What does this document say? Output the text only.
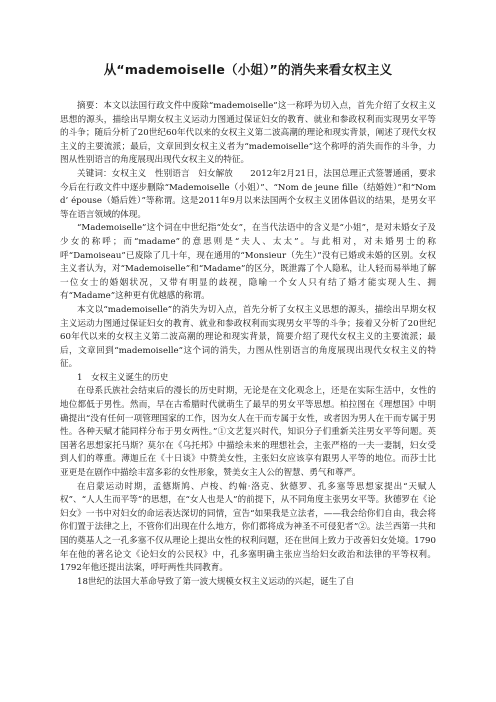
从“mademoiselle（小姐）”的消失来看女权主义

摘要：本文以法国行政文件中废除“mademoiselle”这一称呼为切入点，首先介绍了女权主义思想的源头，描绘出早期女权主义运动力图通过保证妇女的教育、就业和参政权利而实现男女平等的斗争；随后分析了20世纪60年代以来的女权主义第二波高潮的理论和现实背景，阐述了现代女权主义的主要流派；最后，文章回到女权主义者为“mademoiselle”这个称呼的消失而作的斗争，力图从性别语言的角度展现出现代女权主义的特征。

关键词：女权主义　性别语言　妇女解放　　2012年2月21日，法国总理正式签署通函，要求今后在行政文件中逐步删除“Mademoiselle（小姐）”、“Nom de jeune fille（结婚姓）”和“Nom d’ épouse（婚后姓）”等称谓。这是2011年9月以来法国两个女权主义团体倡议的结果，是男女平等在语言领域的体现。

“Mademoiselle”这个词在中世纪指“处女”，在当代法语中的含义是“小姐”，是对未婚女子及少女的称呼；而“madame”的意思则是“夫人、太太”。与此相对，对未婚男士的称呼“Damoiseau”已废除了几十年，现在通用的“Monsieur（先生）”没有已婚或未婚的区别。女权主义者认为，对“Mademoiselle”和“Madame”的区分，既泄露了个人隐私，让人轻而易举地了解一位女士的婚姻状况，又带有明显的歧视，隐喻一个女人只有结了婚才能实现人生、拥有“Madame”这种更有优越感的称谓。

本文以“mademoiselle”的消失为切入点，首先分析了女权主义思想的源头，描绘出早期女权主义运动力图通过保证妇女的教育、就业和参政权利而实现男女平等的斗争；接着又分析了20世纪60年代以来的女权主义第二波高潮的理论和现实背景，简要介绍了现代女权主义的主要流派；最后，文章回到“mademoiselle”这个词的消失，力图从性别语言的角度展现出现代女权主义的特征。

1　女权主义诞生的历史

在母系氏族社会结束后的漫长的历史时期，无论是在文化观念上，还是在实际生活中，女性的地位都低于男性。然而，早在古希腊时代就萌生了最早的男女平等思想。柏拉图在《理想国》中明确提出“没有任何一项管理国家的工作，因为女人在干而专属于女性，或者因为男人在干而专属于男性。各种天赋才能同样分布于男女两性。”①文艺复兴时代，知识分子们重新关注男女平等问题。英国著名思想家托马斯？莫尔在《乌托邦》中描绘未来的理想社会，主张严格的一夫一妻制，妇女受到人们的尊重。薄迦丘在《十日谈》中赞美女性，主张妇女应该享有跟男人平等的地位。而莎士比亚更是在剧作中描绘丰富多彩的女性形象，赞美女主人公的智慧、勇气和尊严。

在启蒙运动时期，孟德斯鸠、卢梭、约翰·洛克、狄德罗、孔多塞等思想家提出“天赋人权”、“人人生而平等”的思想，在“女人也是人”的前提下，从不同角度主张男女平等。狄德罗在《论妇女》一书中对妇女的命运表达深切的同情，宣告“如果我是立法者，——我会给你们自由，我会将你们置于法律之上，不管你们出现在什么地方，你们都将成为神圣不可侵犯者”②。法兰西第一共和国的奠基人之一孔多塞不仅从理论上提出女性的权利问题，还在世间上致力于改善妇女处境。1790年在他的著名论文《论妇女的公民权》中，孔多塞明确主张应当给妇女政治和法律的平等权利。1792年他还提出法案，呼吁两性共同教育。

18世纪的法国大革命导致了第一波大规模女权主义运动的兴起，诞生了自
